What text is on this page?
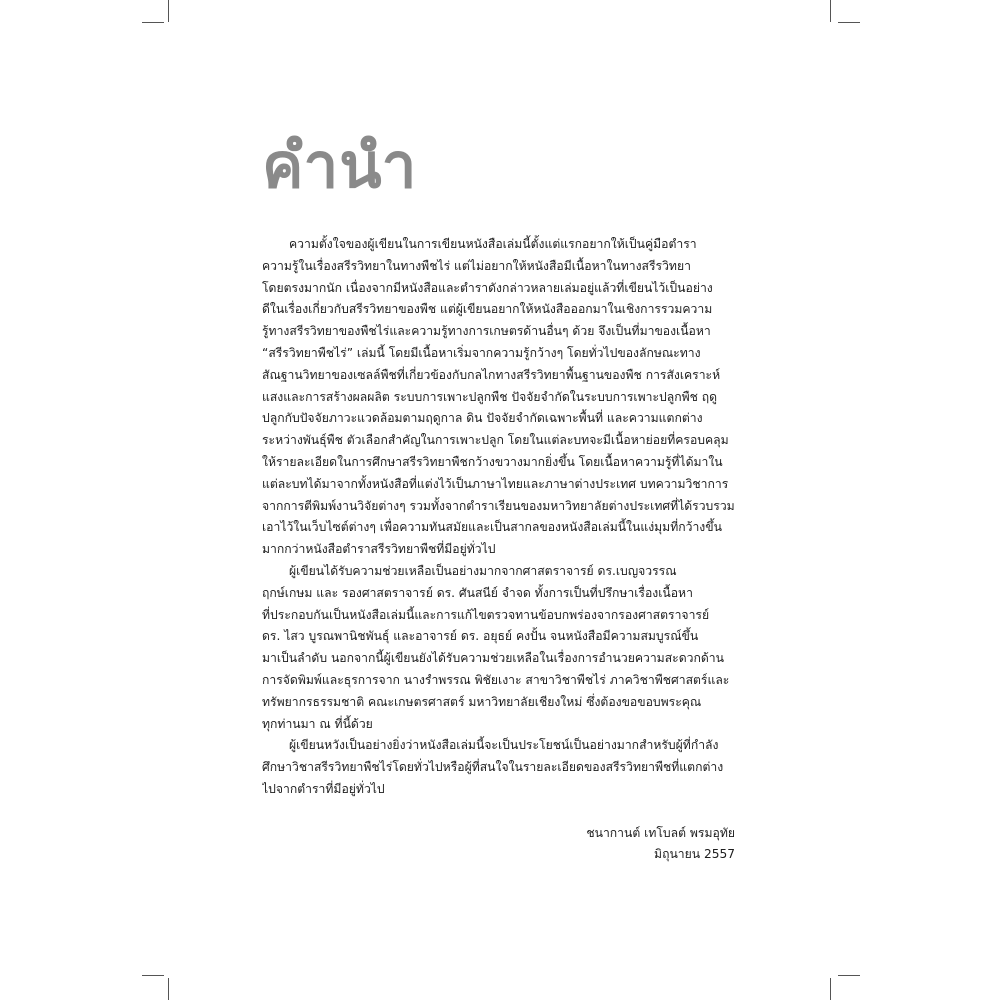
คำนำ
ความตั้งใจของผู้เขียนในการเขียนหนังสือเล่มนี้ตั้งแต่แรกอยากให้เป็นคู่มือตำรา
ความรู้ในเรื่องสรีรวิทยาในทางพืชไร่ แต่ไม่อยากให้หนังสือมีเนื้อหาในทางสรีรวิทยา
โดยตรงมากนัก เนื่องจากมีหนังสือและตำราดังกล่าวหลายเล่มอยู่แล้วที่เขียนไว้เป็นอย่าง
ดีในเรื่องเกี่ยวกับสรีรวิทยาของพืช แต่ผู้เขียนอยากให้หนังสือออกมาในเชิงการรวมความ
รู้ทางสรีรวิทยาของพืชไร่และความรู้ทางการเกษตรด้านอื่นๆ ด้วย จึงเป็นที่มาของเนื้อหา
“สรีรวิทยาพืชไร่” เล่มนี้ โดยมีเนื้อหาเริ่มจากความรู้กว้างๆ โดยทั่วไปของลักษณะทาง
สัณฐานวิทยาของเซลล์พืชที่เกี่ยวข้องกับกลไกทางสรีรวิทยาพื้นฐานของพืช การสังเคราะห์
แสงและการสร้างผลผลิต ระบบการเพาะปลูกพืช ปัจจัยจำกัดในระบบการเพาะปลูกพืช ฤดู
ปลูกกับปัจจัยภาวะแวดล้อมตามฤดูกาล ดิน ปัจจัยจำกัดเฉพาะพื้นที่ และความแตกต่าง
ระหว่างพันธุ์พืช ตัวเลือกสำคัญในการเพาะปลูก โดยในแต่ละบทจะมีเนื้อหาย่อยที่ครอบคลุม
ให้รายละเอียดในการศึกษาสรีรวิทยาพืชกว้างขวางมากยิ่งขึ้น โดยเนื้อหาความรู้ที่ได้มาใน
แต่ละบทได้มาจากทั้งหนังสือที่แต่งไว้เป็นภาษาไทยและภาษาต่างประเทศ บทความวิชาการ
จากการตีพิมพ์งานวิจัยต่างๆ รวมทั้งจากตำราเรียนของมหาวิทยาลัยต่างประเทศที่ได้รวบรวม
เอาไว้ในเว็บไซต์ต่างๆ เพื่อความทันสมัยและเป็นสากลของหนังสือเล่มนี้ในแง่มุมที่กว้างขึ้น
มากกว่าหนังสือตำราสรีรวิทยาพืชที่มีอยู่ทั่วไป
ผู้เขียนได้รับความช่วยเหลือเป็นอย่างมากจากศาสตราจารย์ ดร.เบญจวรรณ
ฤกษ์เกษม และ รองศาสตราจารย์ ดร. ศันสนีย์ จำจด ทั้งการเป็นที่ปรึกษาเรื่องเนื้อหา
ที่ประกอบกันเป็นหนังสือเล่มนี้และการแก้ไขตรวจทานข้อบกพร่องจากรองศาสตราจารย์
ดร. ไสว บูรณพานิชพันธุ์ และอาจารย์ ดร. อยุธย์ คงปั้น จนหนังสือมีความสมบูรณ์ขึ้น
มาเป็นลำดับ นอกจากนี้ผู้เขียนยังได้รับความช่วยเหลือในเรื่องการอำนวยความสะดวกด้าน
การจัดพิมพ์และธุรการจาก นางรำพรรณ พิชัยเงาะ สาขาวิชาพืชไร่ ภาควิชาพืชศาสตร์และ
ทรัพยากรธรรมชาติ คณะเกษตรศาสตร์ มหาวิทยาลัยเชียงใหม่ ซึ่งต้องขอขอบพระคุณ
ทุกท่านมา ณ ที่นี้ด้วย
ผู้เขียนหวังเป็นอย่างยิ่งว่าหนังสือเล่มนี้จะเป็นประโยชน์เป็นอย่างมากสำหรับผู้ที่กำลัง
ศึกษาวิชาสรีรวิทยาพืชไร่โดยทั่วไปหรือผู้ที่สนใจในรายละเอียดของสรีรวิทยาพืชที่แตกต่าง
ไปจากตำราที่มีอยู่ทั่วไป
ชนากานต์ เทโบลต์ พรมอุทัย
มิถุนายน 2557
